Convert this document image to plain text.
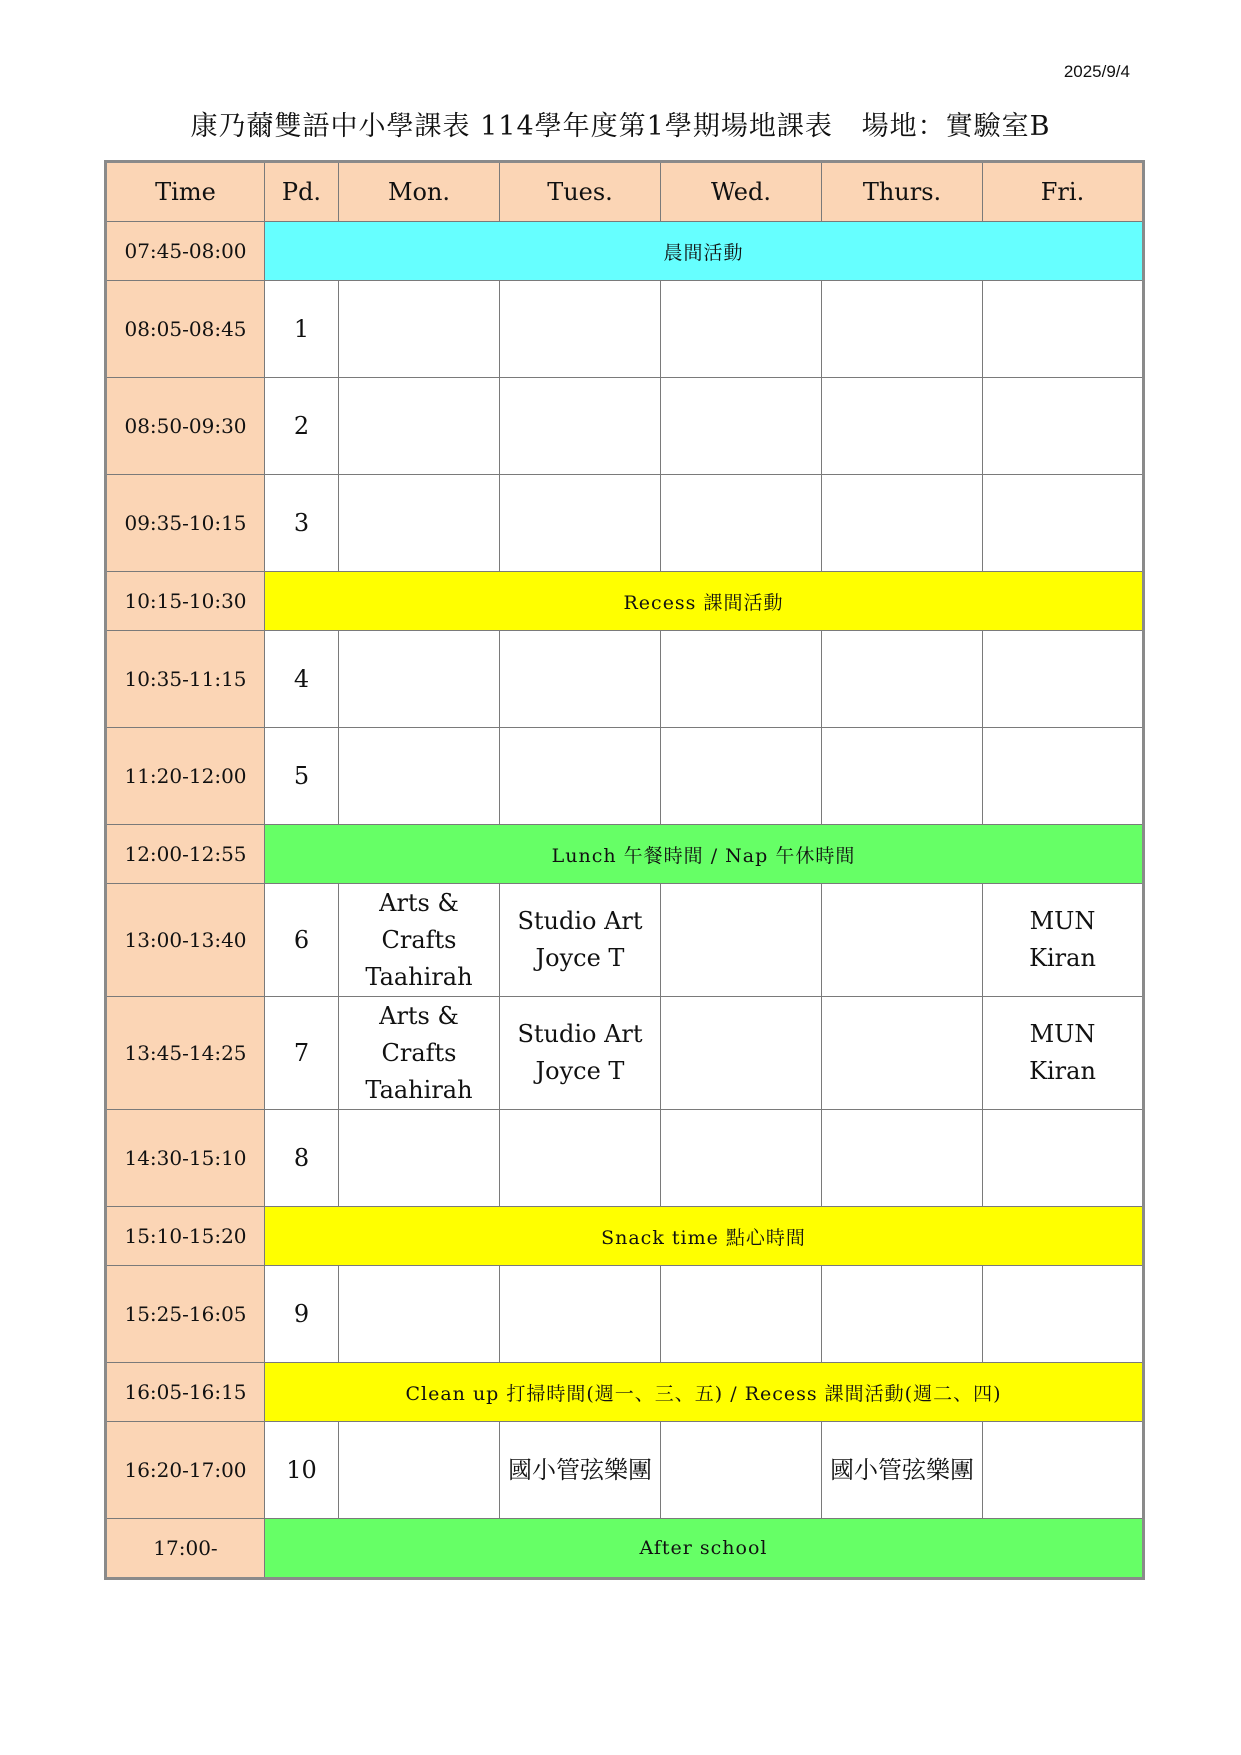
2025/9/4
康乃薾雙語中小學課表 114學年度第1學期場地課表   場地：實驗室B
Time	Pd.	Mon.	Tues.	Wed.	Thurs.	Fri.
07:45-08:00	晨間活動					
08:05-08:45	1					
08:50-09:30	2					
09:35-10:15	3					
10:15-10:30	Recess 課間活動					
10:35-11:15	4					
11:20-12:00	5					
12:00-12:55	Lunch 午餐時間 / Nap 午休時間					
13:00-13:40	6	Arts &
Crafts
Taahirah	Studio Art
Joyce T			MUN
Kiran

13:45-14:25	7	Arts &
Crafts
Taahirah	Studio Art
Joyce T			MUN
Kiran

14:30-15:10	8					
15:10-15:20	Snack time 點心時間					
15:25-16:05	9					
16:05-16:15	Clean up 打掃時間(週一、三、五) / Recess 課間活動(週二、四)					
16:20-17:00	10		國小管弦樂團		國小管弦樂團	
17:00-	After school					
